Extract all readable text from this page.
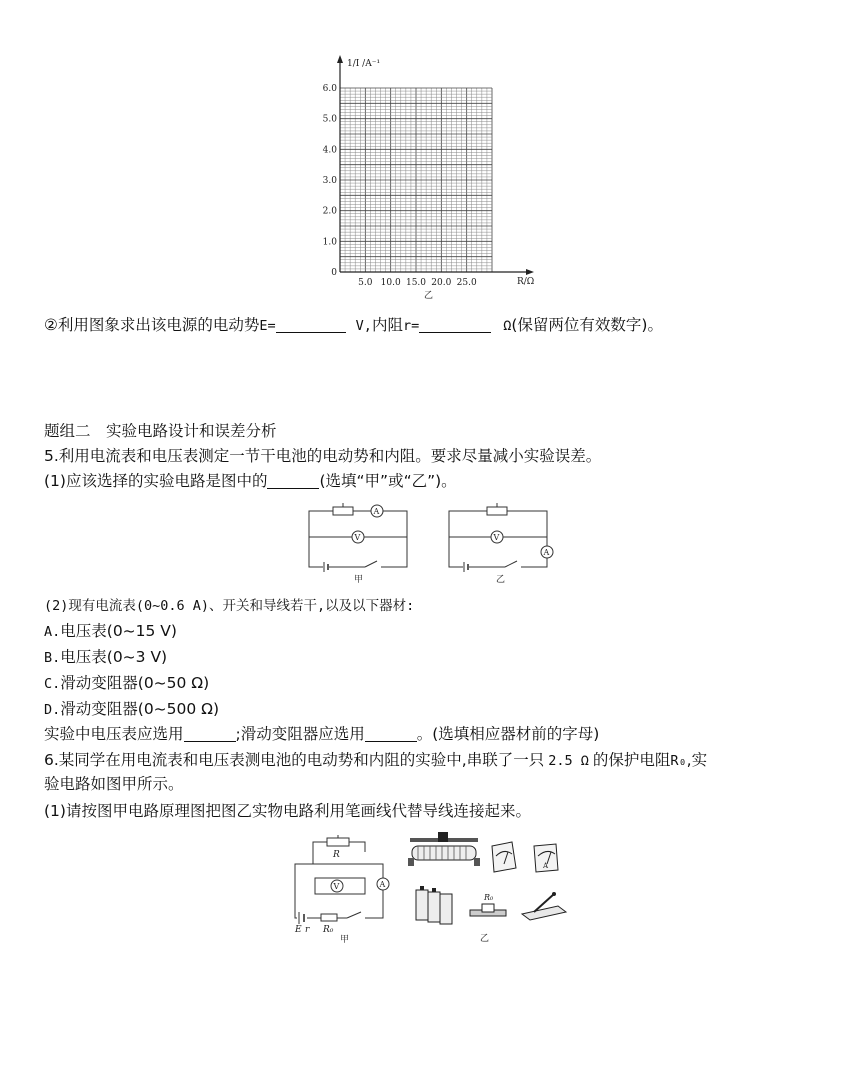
1/I /A⁻¹
R/Ω
0
1.0
2.0
3.0
4.0
5.0
6.0
5.0 10.0 15.0 20.0 25.0
乙
②利用图象求出该电源的电动势E=	V,内阻r=	Ω(保留两位有效数字)。
题组二　实验电路设计和误差分析
5.利用电流表和电压表测定一节干电池的电动势和内阻。要求尽量减小实验误差。
(1)应该选择的实验电路是图中的	(选填“甲”或“乙”)。
A
V
甲
V
A
乙
(2)现有电流表(0~0.6 A)、开关和导线若干,以及以下器材:
A.电压表(0~15 V)
B.电压表(0~3 V)
C.滑动变阻器(0~50 Ω)
D.滑动变阻器(0~500 Ω)
实验中电压表应选用	;滑动变阻器应选用	。(选填相应器材前的字母)
6.某同学在用电流表和电压表测电池的电动势和内阻的实验中,串联了一只 2.5 Ω 的保护电阻R₀,实
验电路如图甲所示。
(1)请按图甲电路原理图把图乙实物电路利用笔画线代替导线连接起来。
R
A
V
E r R₀
甲
A
R₀
乙
